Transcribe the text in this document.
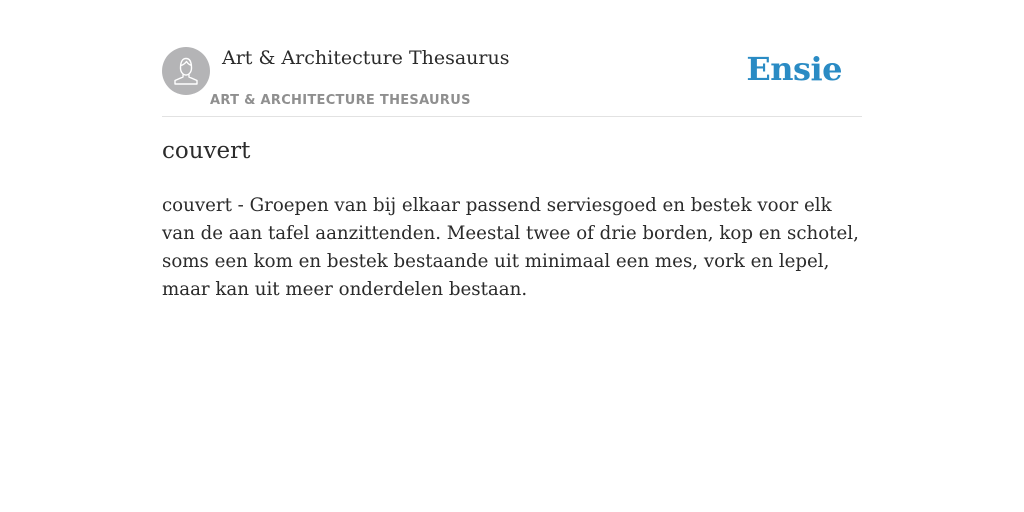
Art & Architecture Thesaurus
ART & ARCHITECTURE THESAURUS
Ensie
couvert

couvert - Groepen van bij elkaar passend serviesgoed en bestek voor elk van de aan tafel aanzittenden. Meestal twee of drie borden, kop en schotel, soms een kom en bestek bestaande uit minimaal een mes, vork en lepel, maar kan uit meer onderdelen bestaan.
